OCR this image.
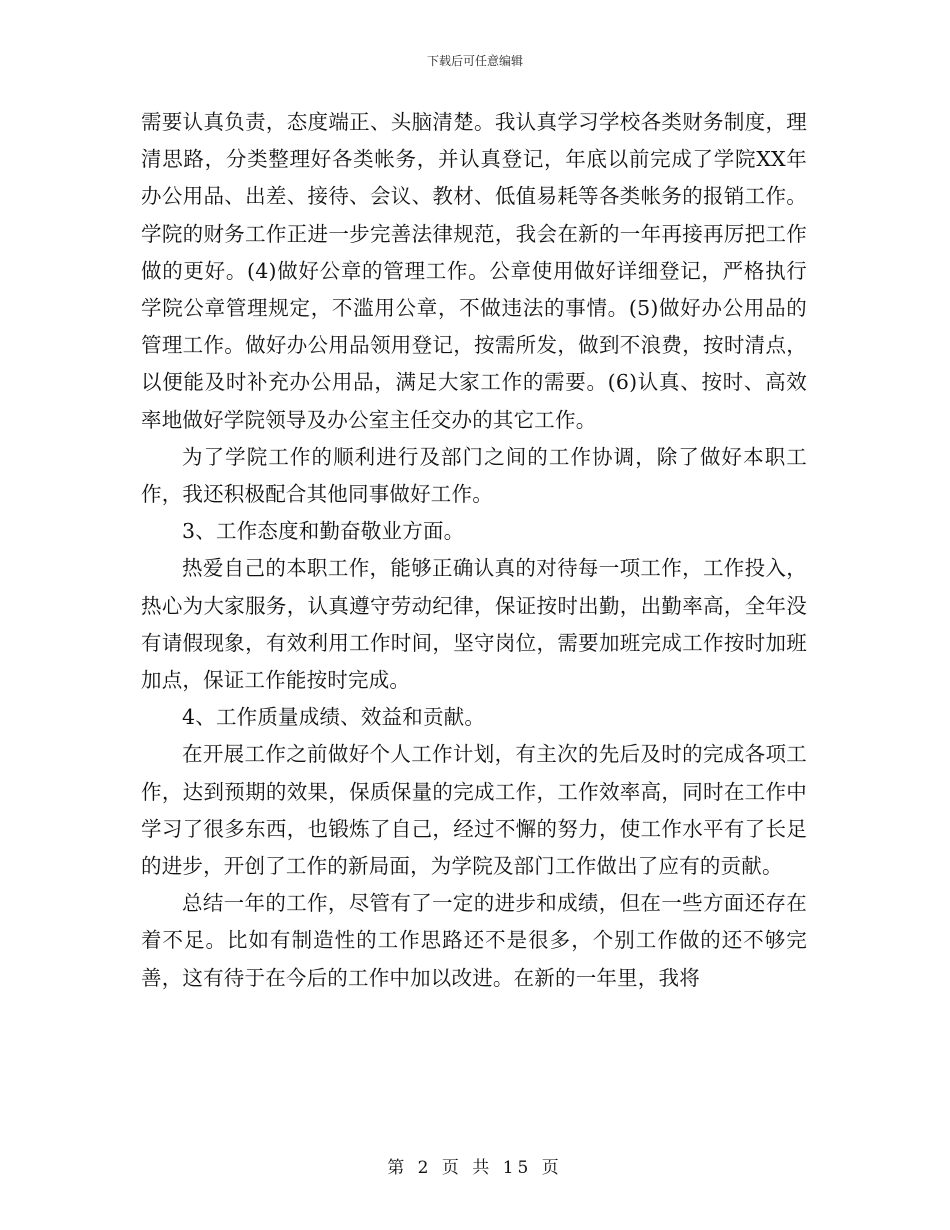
下载后可任意编辑

需要认真负责，态度端正、头脑清楚。我认真学习学校各类财务制度，理清思路，分类整理好各类帐务，并认真登记，年底以前完成了学院XX年办公用品、出差、接待、会议、教材、低值易耗等各类帐务的报销工作。学院的财务工作正进一步完善法律规范，我会在新的一年再接再厉把工作做的更好。(4)做好公章的管理工作。公章使用做好详细登记，严格执行学院公章管理规定，不滥用公章，不做违法的事情。(5)做好办公用品的管理工作。做好办公用品领用登记，按需所发，做到不浪费，按时清点，以便能及时补充办公用品，满足大家工作的需要。(6)认真、按时、高效率地做好学院领导及办公室主任交办的其它工作。

为了学院工作的顺利进行及部门之间的工作协调，除了做好本职工作，我还积极配合其他同事做好工作。

3、工作态度和勤奋敬业方面。

热爱自己的本职工作，能够正确认真的对待每一项工作，工作投入，热心为大家服务，认真遵守劳动纪律，保证按时出勤，出勤率高，全年没有请假现象，有效利用工作时间，坚守岗位，需要加班完成工作按时加班加点，保证工作能按时完成。

4、工作质量成绩、效益和贡献。

在开展工作之前做好个人工作计划，有主次的先后及时的完成各项工作，达到预期的效果，保质保量的完成工作，工作效率高，同时在工作中学习了很多东西，也锻炼了自己，经过不懈的努力，使工作水平有了长足的进步，开创了工作的新局面，为学院及部门工作做出了应有的贡献。

总结一年的工作，尽管有了一定的进步和成绩，但在一些方面还存在着不足。比如有制造性的工作思路还不是很多，个别工作做的还不够完善，这有待于在今后的工作中加以改进。在新的一年里，我将

第 2 页 共 15 页
